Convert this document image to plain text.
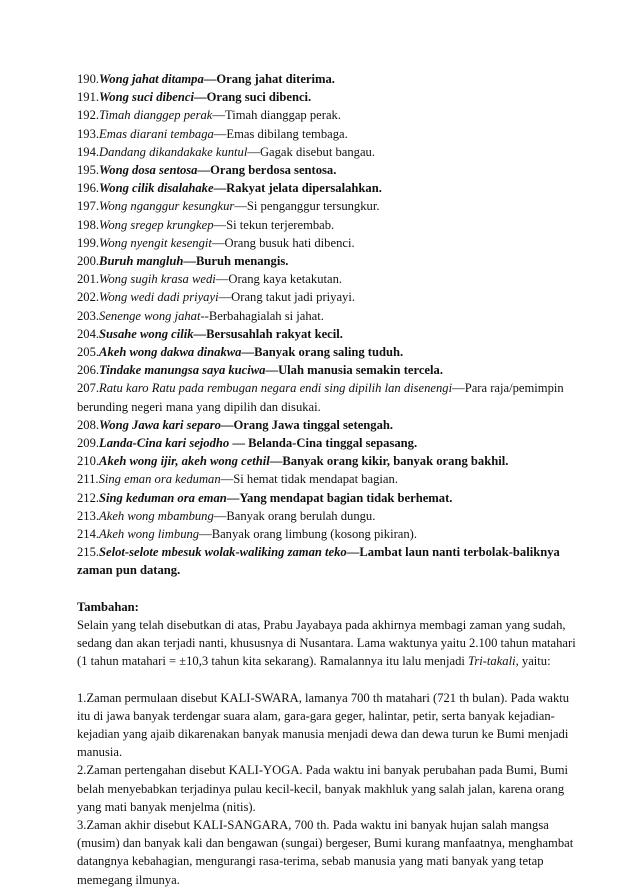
190.Wong jahat ditampa—Orang jahat diterima.
191.Wong suci dibenci—Orang suci dibenci.
192.Timah dianggep perak—Timah dianggap perak.
193.Emas diarani tembaga—Emas dibilang tembaga.
194.Dandang dikandakake kuntul—Gagak disebut bangau.
195.Wong dosa sentosa—Orang berdosa sentosa.
196.Wong cilik disalahake—Rakyat jelata dipersalahkan.
197.Wong nganggur kesungkur—Si penganggur tersungkur.
198.Wong sregep krungkep—Si tekun terjerembab.
199.Wong nyengit kesengit—Orang busuk hati dibenci.
200.Buruh mangluh—Buruh menangis.
201.Wong sugih krasa wedi—Orang kaya ketakutan.
202.Wong wedi dadi priyayi—Orang takut jadi priyayi.
203.Senenge wong jahat--Berbahagialah si jahat.
204.Susahe wong cilik—Bersusahlah rakyat kecil.
205.Akeh wong dakwa dinakwa—Banyak orang saling tuduh.
206.Tindake manungsa saya kuciwa—Ulah manusia semakin tercela.
207.Ratu karo Ratu pada rembugan negara endi sing dipilih lan disenengi—Para raja/pemimpin berunding negeri mana yang dipilih dan disukai.
208.Wong Jawa kari separo—Orang Jawa tinggal setengah.
209.Landa-Cina kari sejodho — Belanda-Cina tinggal sepasang.
210.Akeh wong ijir, akeh wong cethil—Banyak orang kikir, banyak orang bakhil.
211.Sing eman ora keduman—Si hemat tidak mendapat bagian.
212.Sing keduman ora eman—Yang mendapat bagian tidak berhemat.
213.Akeh wong mbambung—Banyak orang berulah dungu.
214.Akeh wong limbung—Banyak orang limbung (kosong pikiran).
215.Selot-selote mbesuk wolak-waliking zaman teko—Lambat laun nanti terbolak-baliknya zaman pun datang.
Tambahan:
Selain yang telah disebutkan di atas, Prabu Jayabaya pada akhirnya membagi zaman yang sudah, sedang dan akan terjadi nanti, khususnya di Nusantara. Lama waktunya yaitu 2.100 tahun matahari (1 tahun matahari = ±10,3 tahun kita sekarang). Ramalannya itu lalu menjadi Tri-takali, yaitu:
1.Zaman permulaan disebut KALI-SWARA, lamanya 700 th matahari (721 th bulan). Pada waktu itu di jawa banyak terdengar suara alam, gara-gara geger, halintar, petir, serta banyak kejadian-kejadian yang ajaib dikarenakan banyak manusia menjadi dewa dan dewa turun ke Bumi menjadi manusia.
2.Zaman pertengahan disebut KALI-YOGA. Pada waktu ini banyak perubahan pada Bumi, Bumi belah menyebabkan terjadinya pulau kecil-kecil, banyak makhluk yang salah jalan, karena orang yang mati banyak menjelma (nitis).
3.Zaman akhir disebut KALI-SANGARA, 700 th. Pada waktu ini banyak hujan salah mangsa (musim) dan banyak kali dan bengawan (sungai) bergeser, Bumi kurang manfaatnya, menghambat datangnya kebahagian, mengurangi rasa-terima, sebab manusia yang mati banyak yang tetap memegang ilmunya.
